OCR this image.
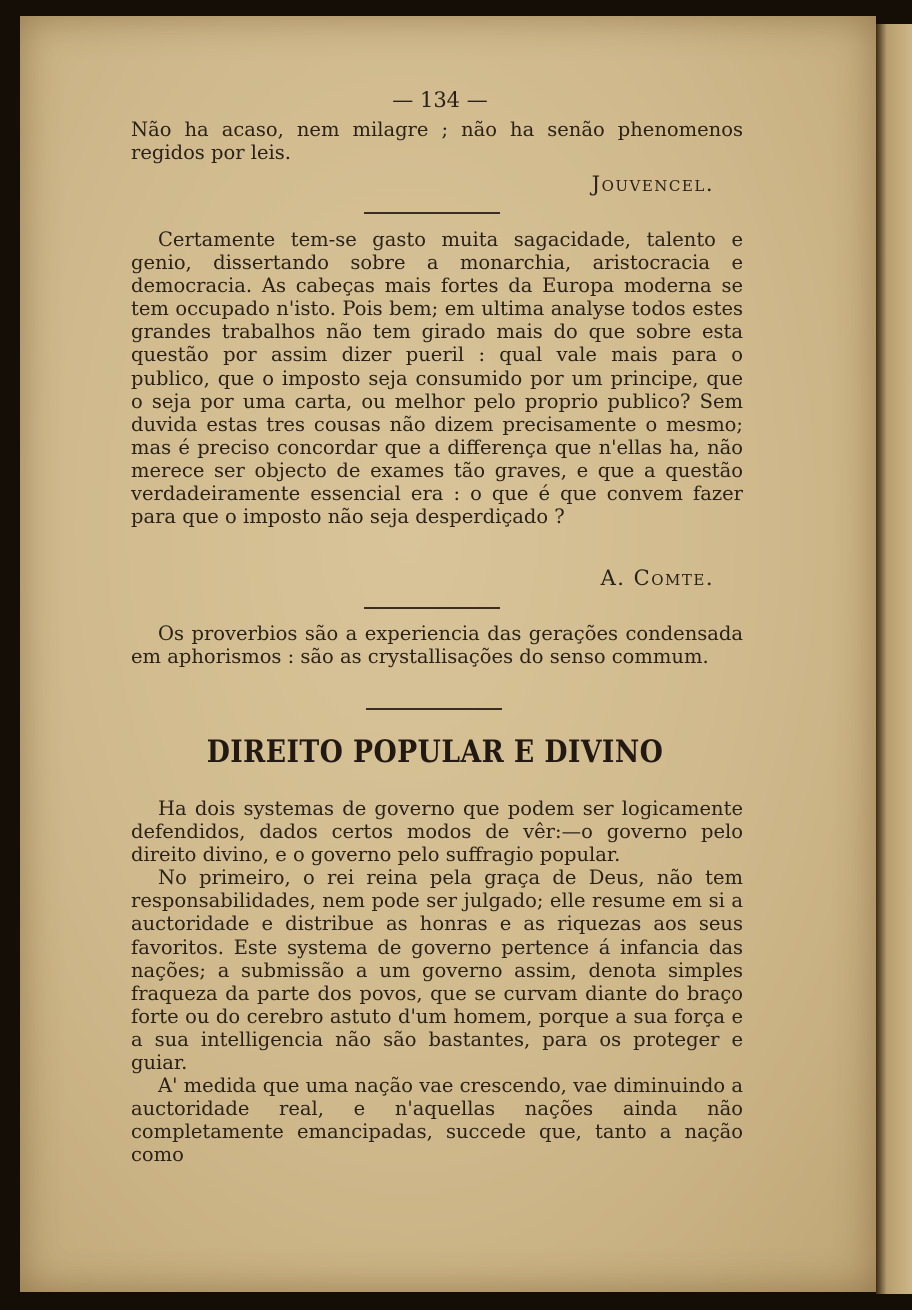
— 134 —

Não ha acaso, nem milagre ; não ha senão phenomenos regidos por leis.

Jouvencel.

Certamente tem-se gasto muita sagacidade, talento e genio, dissertando sobre a monarchia, aristocracia e democracia. As cabeças mais fortes da Europa moderna se tem occupado n'isto. Pois bem; em ultima analyse todos estes grandes trabalhos não tem girado mais do que sobre esta questão por assim dizer pueril : qual vale mais para o publico, que o imposto seja consumido por um principe, que o seja por uma carta, ou melhor pelo proprio publico? Sem duvida estas tres cousas não dizem precisamente o mesmo; mas é preciso concordar que a differença que n'ellas ha, não merece ser objecto de exames tão graves, e que a questão verdadeiramente essencial era : o que é que convem fazer para que o imposto não seja desperdiçado ?

A. Comte.

Os proverbios são a experiencia das gerações condensada em aphorismos : são as crystallisações do senso commum.

DIREITO POPULAR E DIVINO

Ha dois systemas de governo que podem ser logicamente defendidos, dados certos modos de vêr:—o governo pelo direito divino, e o governo pelo suffragio popular.

No primeiro, o rei reina pela graça de Deus, não tem responsabilidades, nem pode ser julgado; elle resume em si a auctoridade e distribue as honras e as riquezas aos seus favoritos. Este systema de governo pertence á infancia das nações; a submissão a um governo assim, denota simples fraqueza da parte dos povos, que se curvam diante do braço forte ou do cerebro astuto d'um homem, porque a sua força e a sua intelligencia não são bastantes, para os proteger e guiar.

A' medida que uma nação vae crescendo, vae diminuindo a auctoridade real, e n'aquellas nações ainda não completamente emancipadas, succede que, tanto a nação como
